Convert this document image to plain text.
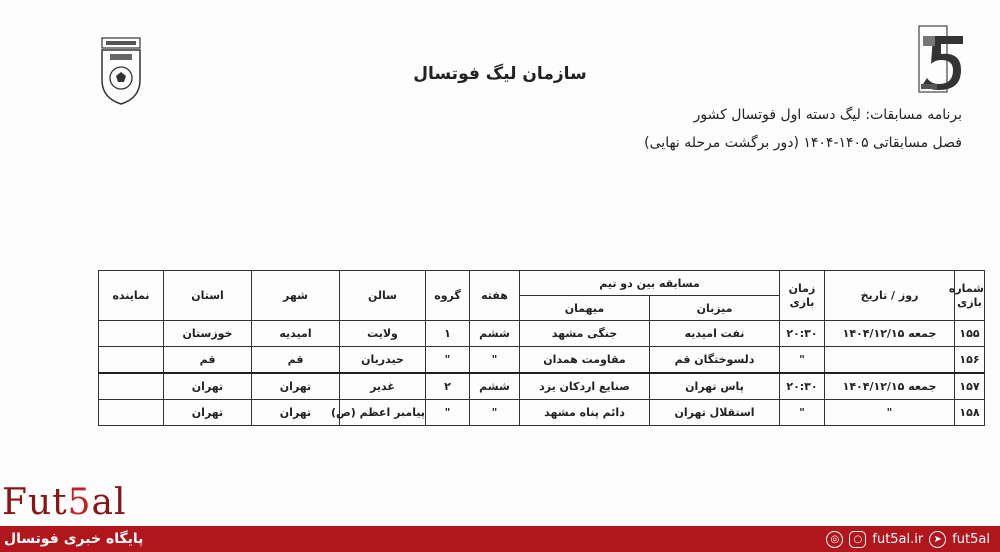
سازمان لیگ فوتسال
برنامه مسابقات: لیگ دسته اول فوتسال کشور
فصل مسابقاتی ۱۴۰۵-۱۴۰۴ (دور برگشت مرحله نهایی)
شماره بازی	روز / تاریخ	زمان بازی	مسابقه بین دو تیم		هفته	گروه	سالن	شهر	استان	نماینده
			میزبان	میهمان						
۱۵۵	جمعه ۱۴۰۴/۱۲/۱۵	۲۰:۳۰	نفت امیدیه	جنگی مشهد	ششم	۱	ولایت	امیدیه	خوزستان	
۱۵۶		"	دلسوختگان قم	مقاومت همدان	"	"	حیدریان	قم	قم	
۱۵۷	جمعه ۱۴۰۴/۱۲/۱۵	۲۰:۳۰	پاس تهران	صنایع اردکان یزد	ششم	۲	غدیر	تهران	تهران	
۱۵۸	"	"	استقلال تهران	دائم پناه مشهد	"	"	پیامبر اعظم (ص)	تهران	تهران	
Fut5al
پایگاه خبری فوتسال	◎	○ fut5al.ir	➤ fut5al
